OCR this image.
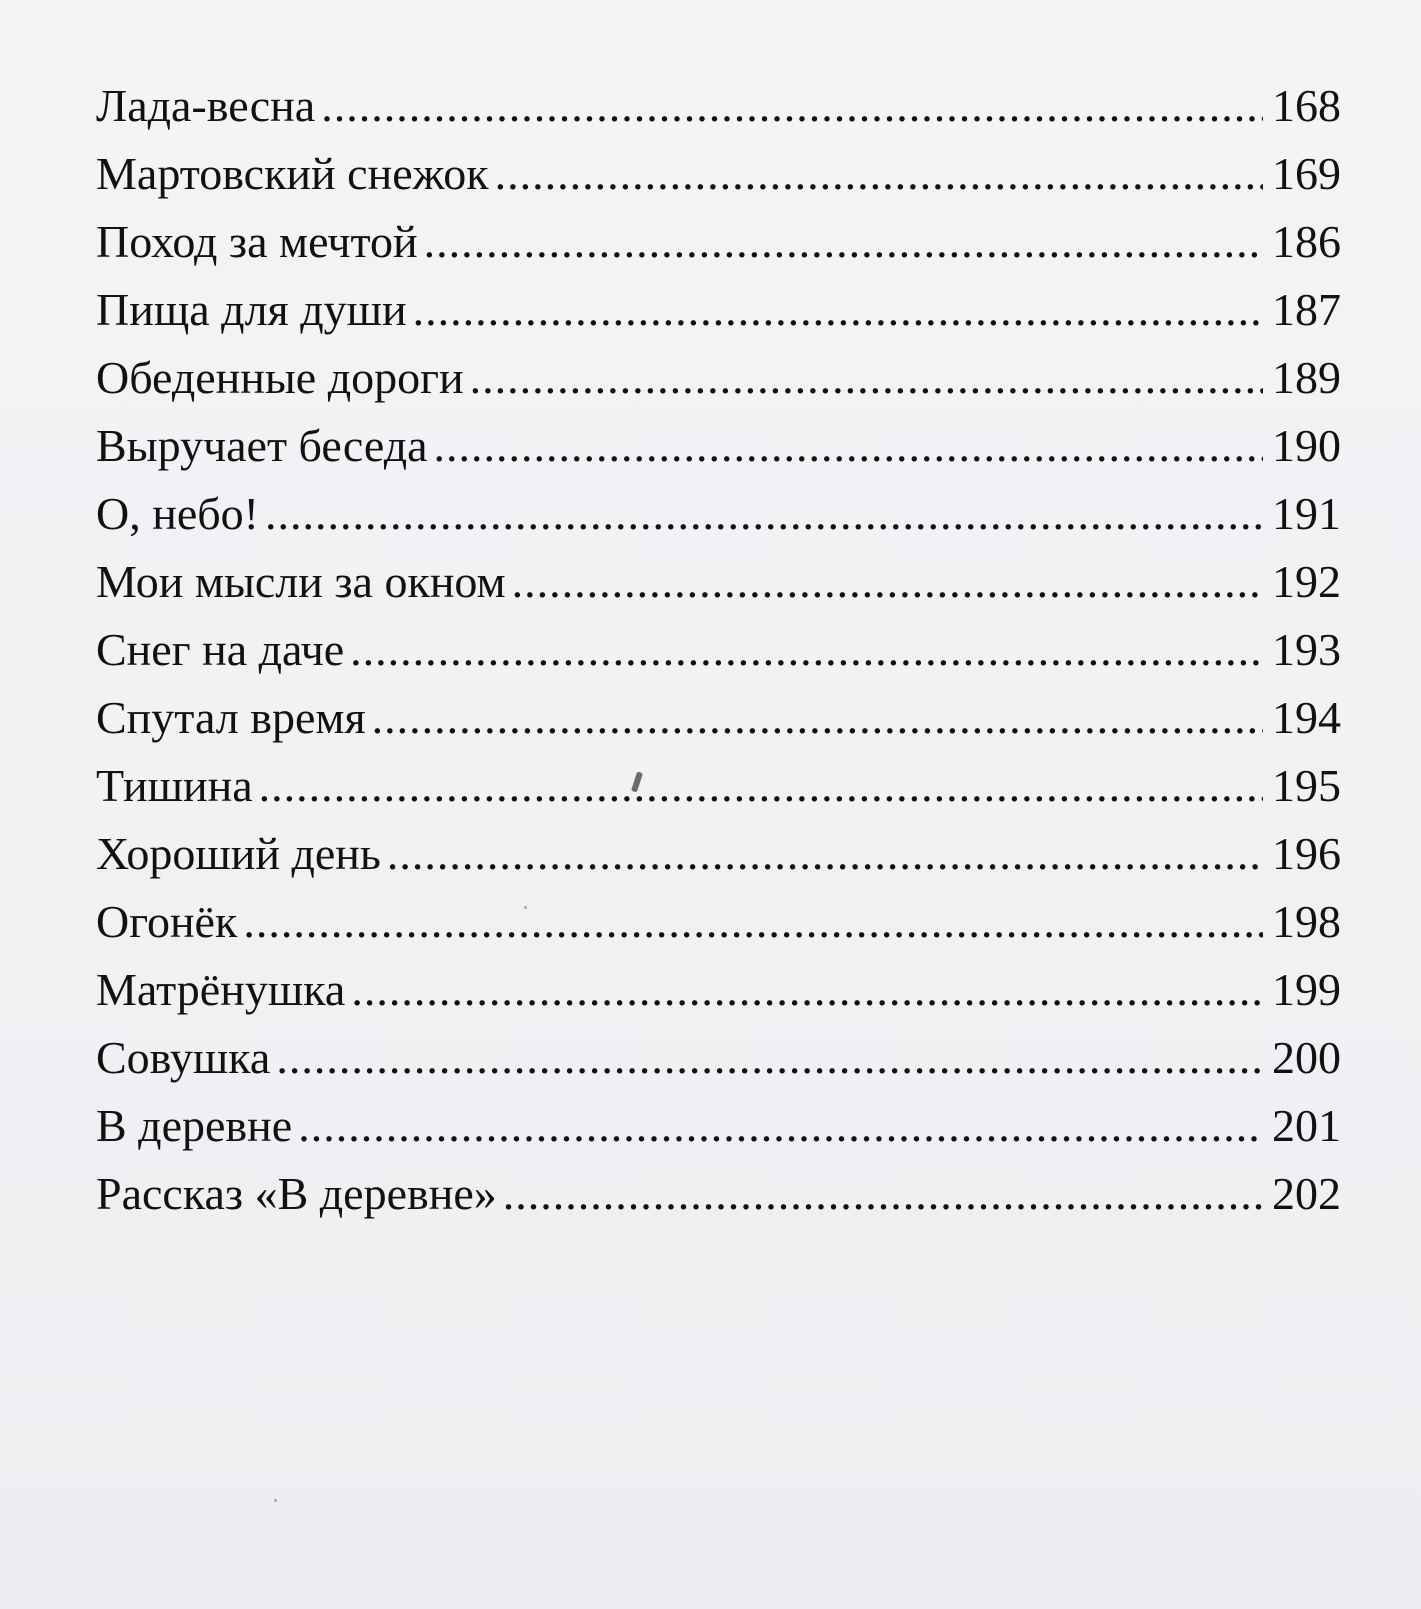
Лада-весна .....	168
Мартовский снежок .....	169
Поход за мечтой .....	186
Пища для души .....	187
Обеденные дороги .....	189
Выручает беседа .....	190
О, небо! .....	191
Мои мысли за окном .....	192
Снег на даче .....	193
Спутал время .....	194
Тишина .....	195
Хороший день .....	196
Огонёк .....	198
Матрёнушка .....	199
Совушка .....	200
В деревне .....	201
Рассказ «В деревне» .....	202
